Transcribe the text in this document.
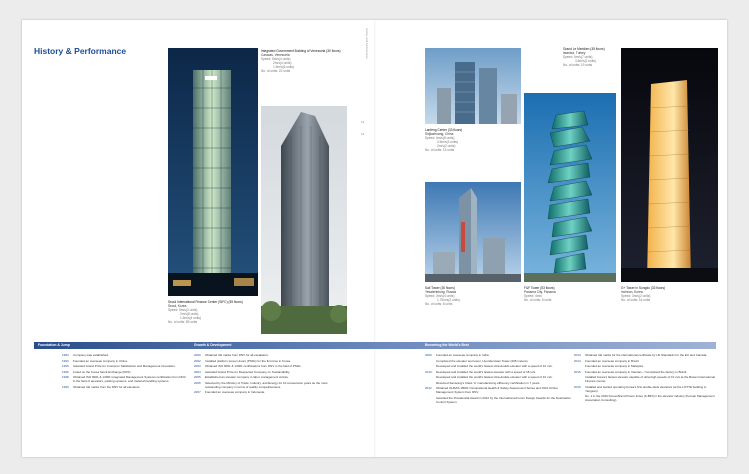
History & Performance	History and Performance
12
13
Seoul International Finance Center (SIFC) (55 floors)
Seoul, Korea
Speed: 5m/s(2 units)
2m/s(8 units)
1.5m/s(4 units)
No. of units: 89 units
Integrated Government Building of Venezuela (30 floors)
Caracas, Venezuela
Speed: 5m/s(4 units)
2m/s(4 units)
1.5m/s(5 units)
No. of units: 22 units
Lanfeng Center (33 floors)
Shijiazhuang, China
Speed: 6m/s(8 units)
3.5m/s(3 units)
2m/s(2 units)
No. of units: 15 units
Sail Tower (30 floors)
Yekaterinburg, Russia
Speed: 3m/s(4 units)
1.75m/s(2 units)
No. of units: 6 units
Grand Le Meridien (35 floors)
Istanbul, Turkey
Speed: 6m/s(7 units)
3.5m/s(2 units)
No. of units: 19 units
F&F Tower (53 floors)
Panama City, Panama
Speed: 4m/s
No. of units: 6 units
G+ Tower in Songdo (33 floors)
Incheon, Korea
Speed: 3m/s(2 units)
No. of units: 16 units
Foundation & Jump	Growth & Development	Becoming the World's Best
1984	Company was established.
1993	Founded an overseas company in China.
1995	Awarded Grand Prize for Customer Satisfaction and Management Innovation.
1996	Listed on the Korea Stock Exchange (KRX).
1998	Obtained ISO 9001 & 14001 Integrated Management Systems certification from DNV in the field of elevators, parking systems, and material handling systems.
1999	Obtained CE marks from the DNV for all elevators.
2000	Obtained CE marks from DNV for all escalators.
2002	Installed platform screen doors (PSDs) for the first time in Korea.
2003	Obtained ISO 9001 & 14001 certifications from DNV in the field of PSDs.
2004	Awarded Grand Prize for Respected Company on Sustainability.
2005	Established an elevator company in labor management culture.
2006	Selected by the Ministry of Trade, Industry, and Energy for 10 consecutive years as the most outstanding company in terms of quality competitiveness.
2007	Founded an overseas company in Indonesia.
2009	Founded an overseas company in India.
Completed the elevator test tower, Hyundai Asan Tower (205 meters).
Developed and installed the world's fastest ultra-double elevator with a speed of 10 m/s.
2010	Developed and installed the world's fastest elevator with a speed of 18 m/s.
Developed and installed the world's fastest ultra-double elevator with a speed of 10 m/s.
Received Samsung's Class 'A' manufacturing efficiency certification in 7 years.
2012	Obtained OHSAS 18001 Occupational Health & Safety Assessment Series and OHS Online Management System from DNV.
Awarded the Presidential Award in 2012 by the International Forum Design Awards for the Destination Control System.
2013	Obtained CE marks for the international certificate by Lift Standards for the EU and Canada.
2014	Founded an overseas company in Brazil.
Founded an overseas company in Malaysia.
2015	Founded an overseas company in Vietnam. / Completed the factory in Brazil.
Installed Korea's fastest elevator capable of ultra-high speeds of 10 m/s at the Busan International Finance Center.
2016	Installed and started operating Korea's first double-deck elevators (at the LOTTE building in Yangsan).
No. 1 in the 2016 Korea Brand Power Index (K-BPI) in the elevator industry (Korean Management Association Consulting).
